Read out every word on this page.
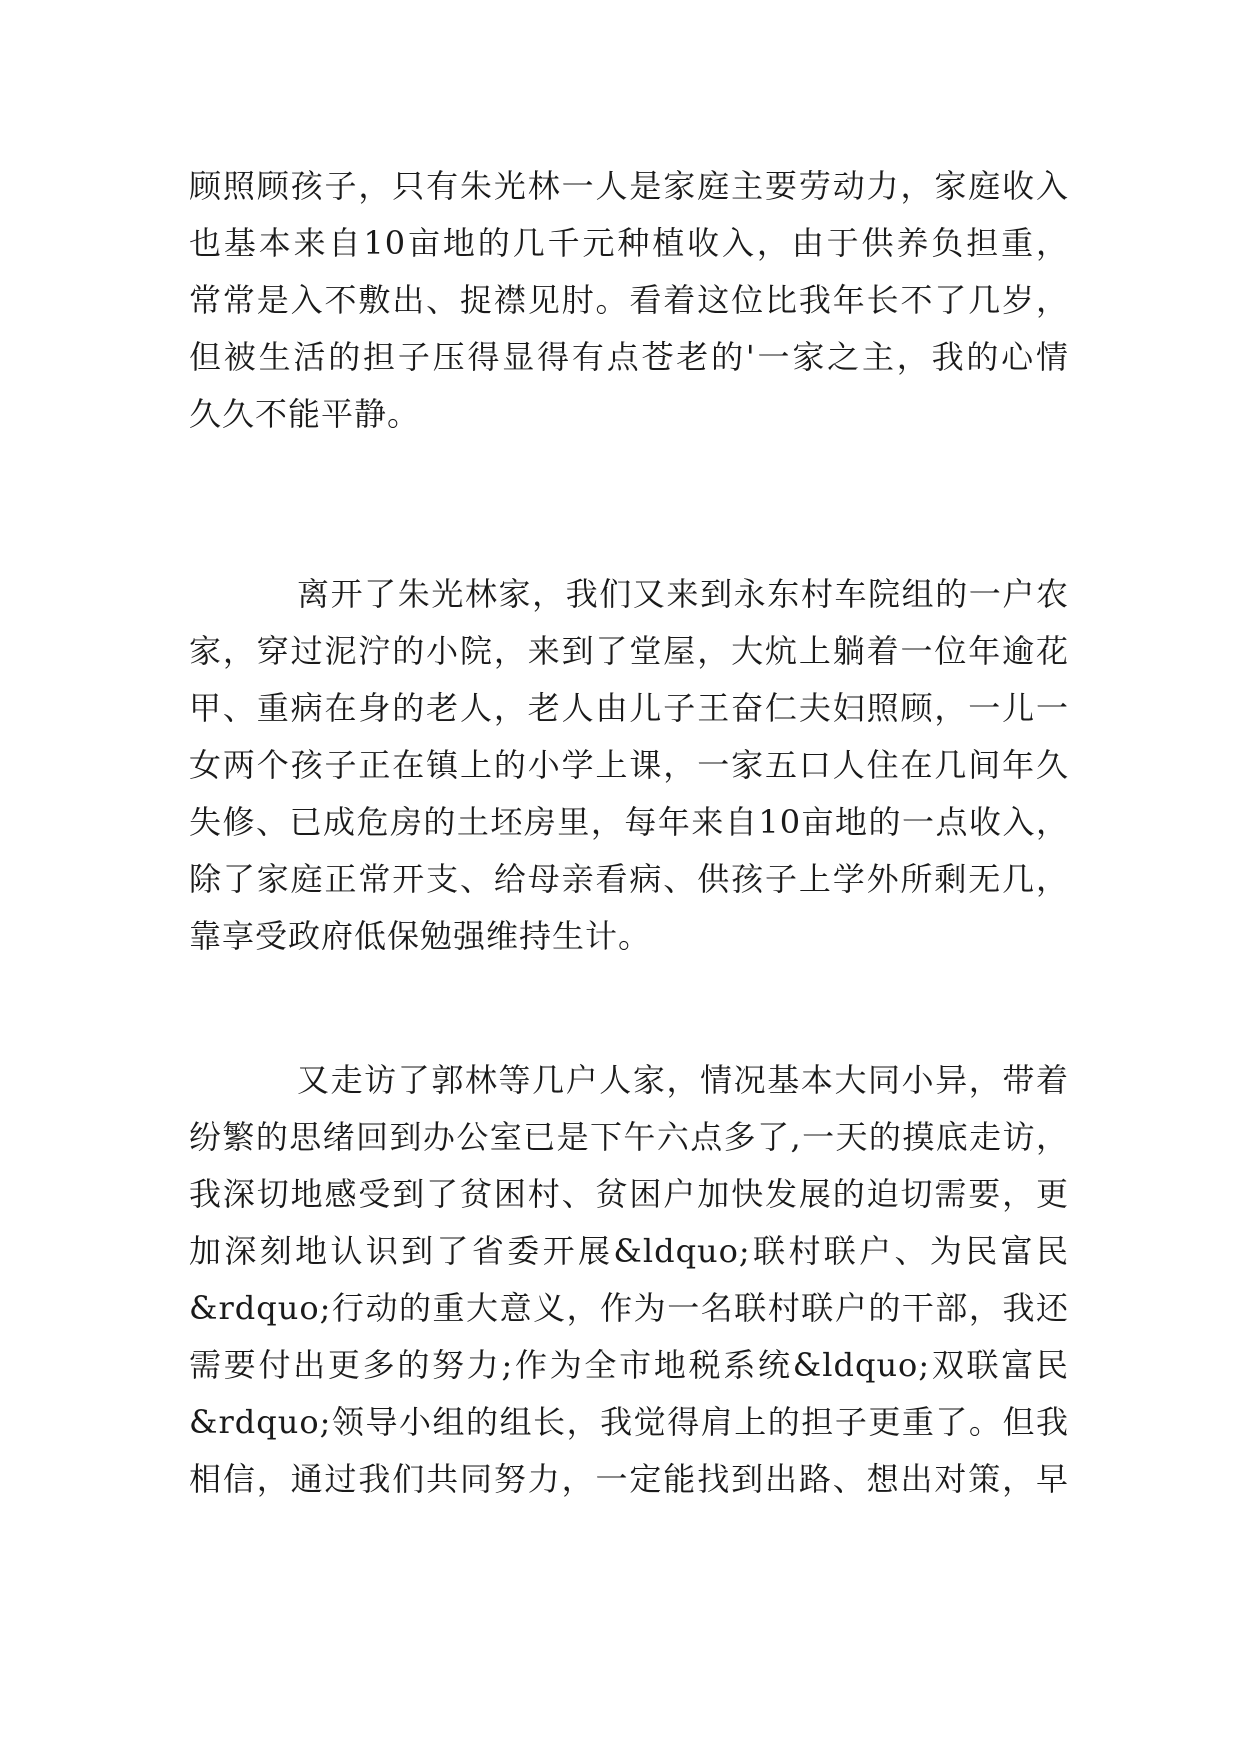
顾照顾孩子，只有朱光林一人是家庭主要劳动力，家庭收入
也基本来自10亩地的几千元种植收入，由于供养负担重，
常常是入不敷出、捉襟见肘。看着这位比我年长不了几岁，
但被生活的担子压得显得有点苍老的'一家之主，我的心情
久久不能平静。
离开了朱光林家，我们又来到永东村车院组的一户农
家，穿过泥泞的小院，来到了堂屋，大炕上躺着一位年逾花
甲、重病在身的老人，老人由儿子王奋仁夫妇照顾，一儿一
女两个孩子正在镇上的小学上课，一家五口人住在几间年久
失修、已成危房的土坯房里，每年来自10亩地的一点收入，
除了家庭正常开支、给母亲看病、供孩子上学外所剩无几，
靠享受政府低保勉强维持生计。
又走访了郭林等几户人家，情况基本大同小异，带着
纷繁的思绪回到办公室已是下午六点多了,一天的摸底走访，
我深切地感受到了贫困村、贫困户加快发展的迫切需要，更
加深刻地认识到了省委开展&ldquo;联村联户、为民富民
&rdquo;行动的重大意义，作为一名联村联户的干部，我还
需要付出更多的努力;作为全市地税系统&ldquo;双联富民
&rdquo;领导小组的组长，我觉得肩上的担子更重了。但我
相信，通过我们共同努力，一定能找到出路、想出对策，早
